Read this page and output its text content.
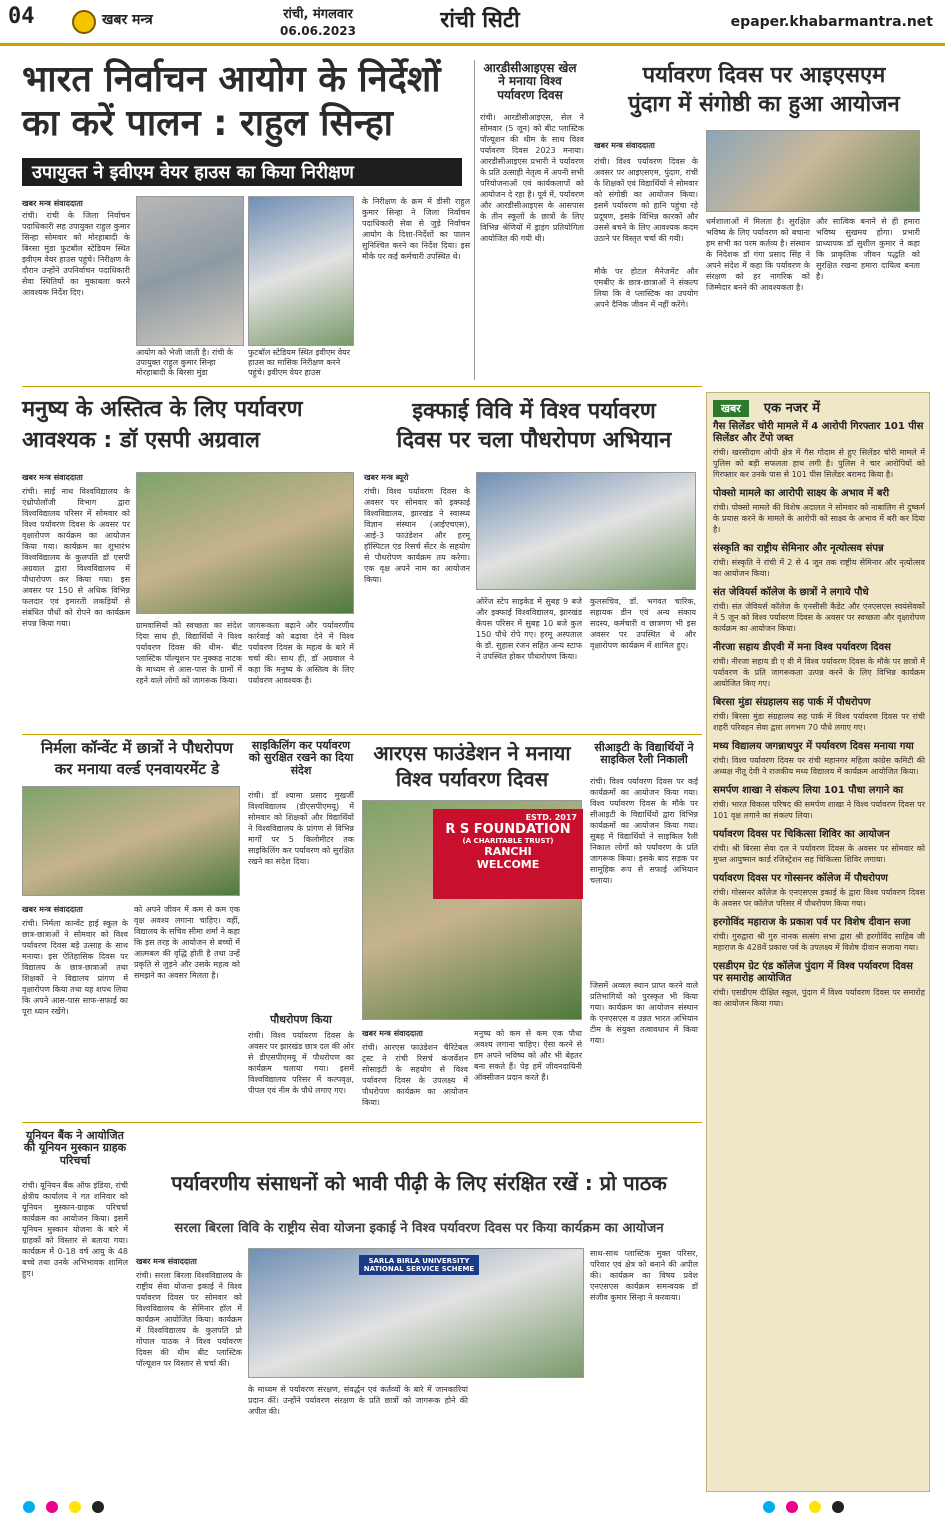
04	खबर मन्त्र	रांची, मंगलवार
06.06.2023	रांची सिटी	epaper.khabarmantra.net
भारत निर्वाचन आयोग के निर्देशों
का करें पालन : राहुल सिन्हा
उपायुक्त ने इवीएम वेयर हाउस का किया निरीक्षण
खबर मन्त्र संवाददाता
रांची। रांची के जिला निर्वाचन पदाधिकारी सह उपायुक्त राहुल कुमार सिन्हा सोमवार को मोरहाबादी के बिरसा मुंडा फुटबॉल स्टेडियम स्थित इवीएम वेयर हाउस पहुंचे। निरीक्षण के दौरान उन्होंने उपनिर्वाचन पदाधिकारी सेवा स्थितियों का मुकाबला करने आवश्यक निर्देश दिए।
आयोग को भेजी जाती है। रांची के उपायुक्त राहुल कुमार सिन्हा मोरहाबादी के बिरसा मुंडा
फुटबॉल स्टेडियम स्थित इवीएम वेयर हाउस का मासिक निरीक्षण करने पहुंचे। इवीएम वेयर हाउस
के निरीक्षण के क्रम में डीसी राहुल कुमार सिन्हा ने जिला निर्वाचन पदाधिकारी सेवा से जुड़े निर्वाचन आयोग के दिशा-निर्देशों का पालन सुनिश्चित करने का निर्देश दिया। इस मौके पर कई कर्मचारी उपस्थित थे।
आरडीसीआइएस खेल ने मनाया विश्व पर्यावरण दिवस
रांची। आरडीसीआइएस, सेल ने सोमवार (5 जून) को बीट प्लास्टिक पॉल्यूशन की थीम के साथ विश्व पर्यावरण दिवस 2023 मनाया। आरडीसीआइएस प्रभारी ने पर्यावरण के प्रति उत्साही नेतृत्व में अपनी सभी परियोजनाओं एवं कार्यकलापों को आयोजन दे रहा है। पूर्व में, पर्यावरण और आरडीसीआइएस के आसपास के तीन स्कूलों के छात्रों के लिए विभिन्न श्रेणियों में ड्राइंग प्रतियोगिता आयोजित की गयी थी।
पर्यावरण दिवस पर आइएसएम
पुंदाग में संगोष्ठी का हुआ आयोजन
खबर मन्त्र संवाददाता
रांची। विश्व पर्यावरण दिवस के अवसर पर आइएसएम, पुंदाग, रांची के शिक्षकों एवं विद्यार्थियों ने सोमवार को संगोष्ठी का आयोजन किया। इसमें पर्यावरण को हानि पहुंचा रहे प्रदूषण, इसके विभिन्न कारकों और उससे बचने के लिए आवश्यक कदम उठाने पर विस्तृत चर्चा की गयी।
मौके पर होटल मैनेजमेंट और एमबीए के छात्र-छात्राओं ने संकल्प लिया कि वे प्लास्टिक का उपयोग अपने दैनिक जीवन में नहीं करेंगे।
धर्मशालाओं में मिलता है। सुरक्षित भविष्य के लिए पर्यावरण को बचाना हम सभी का परम कर्तव्य है। संस्थान के निदेशक डॉ गंगा प्रसाद सिंह ने अपने संदेश में कहा कि पर्यावरण के संरक्षण को हर नागरिक को जिम्मेदार बनने की आवश्यकता है।
और सात्विक बनाने से ही हमारा भविष्य सुखमय होगा। प्रभारी प्राध्यापक डॉ सुशील कुमार ने कहा कि प्राकृतिक जीवन पद्धति को सुरक्षित रखना हमारा दायित्व बनता है।
मनुष्य के अस्तित्व के लिए पर्यावरण
आवश्यक : डॉ एसपी अग्रवाल
खबर मन्त्र संवाददाता
रांची। साईं नाथ विश्वविद्यालय के एंथ्रोपोलॉजी विभाग द्वारा विश्वविद्यालय परिसर में सोमवार को विश्व पर्यावरण दिवस के अवसर पर वृक्षारोपण कार्यक्रम का आयोजन किया गया। कार्यक्रम का शुभारंभ विश्वविद्यालय के कुलपति डॉ एसपी अग्रवाल द्वारा विश्वविद्यालय में पौधारोपण कर किया गया। इस अवसर पर 150 से अधिक विभिन्न फलदार एवं इमारती लकड़ियों से संबंधित पौधों को रोपने का कार्यक्रम संपन्न किया गया।	ग्रामवासियों को स्वच्छता का संदेश दिया साथ ही, विद्यार्थियों ने विश्व पर्यावरण दिवस की थीम- बीट प्लास्टिक पॉल्यूशन पर नुक्कड़ नाटक के माध्यम से आस-पास के ग्रामों में रहने वाले लोगों को जागरूक किया।
जागरूकता बढ़ाने और पर्यावरणीय कार्रवाई को बढ़ावा देने में विश्व पर्यावरण दिवस के महत्व के बारे में चर्चा की। साथ ही, डॉ अग्रवाल ने कहा कि मनुष्य के अस्तित्व के लिए पर्यावरण आवश्यक है।
इक्फाई विवि में विश्व पर्यावरण
दिवस पर चला पौधरोपण अभियान
खबर मन्त्र ब्यूरो
रांची। विश्व पर्यावरण दिवस के अवसर पर सोमवार को इक्फाई विश्वविद्यालय, झारखंड ने स्वास्थ्य विज्ञान संस्थान (आईएचएस), आई-3 फाउंडेशन और हरमू हॉस्पिटल एंड रिसर्च सेंटर के सहयोग से पौधरोपण कार्यक्रम तय करेगा। एक वृक्ष अपने नाम का आयोजन किया।
ओरेंज स्टेप साइकेड में सुबह 9 बजे और इक्फाई विश्वविद्यालय, झारखंड केंपस परिसर में सुबह 10 बजे कुल 150 पौधे रोपे गए। हरमू अस्पताल के डॉ. सुहास रंजन सहित अन्य स्टाफ ने उपस्थित होकर पौधारोपण किया।
कुलसचिव, डॉ. भगवत चारिक, सहायक डीन एवं अन्य संकाय सदस्य, कर्मचारी व छात्रगण भी इस अवसर पर उपस्थित थे और वृक्षारोपण कार्यक्रम में शामिल हुए।
खबर एक नजर में
गैस सिलेंडर चोरी मामले में 4 आरोपी गिरफ्तार 101 पीस सिलेंडर और टेंपो जब्त
रांची। खरसीदाग ओपी क्षेत्र में गैस गोदाम से हुए सिलेंडर चोरी मामले में पुलिस को बड़ी सफलता हाथ लगी है। पुलिस ने चार आरोपियों को गिरफ्तार कर उनके पास से 101 पीस सिलेंडर बरामद किया है।
पोक्सो मामले का आरोपी साक्ष्य के अभाव में बरी
रांची। पोक्सो मामले की विशेष अदालत ने सोमवार को नाबालिग से दुष्कर्म के प्रयास करने के मामले के आरोपी को साक्ष्य के अभाव में बरी कर दिया है।
संस्कृति का राष्ट्रीय सेमिनार और नृत्योत्सव संपन्न
रांची। संस्कृति ने रांची में 2 से 4 जून तक राष्ट्रीय सेमिनार और नृत्योत्सव का आयोजन किया।
संत जेवियर्स कॉलेज के छात्रों ने लगाये पौधे
रांची। संत जेवियर्स कॉलेज के एनसीसी कैडेट और एनएसएस स्वयंसेवकों ने 5 जून को विश्व पर्यावरण दिवस के अवसर पर स्वच्छता और वृक्षारोपण कार्यक्रम का आयोजन किया।
नीरजा सहाय डीएवी में मना विश्व पर्यावरण दिवस
रांची। नीरजा सहाय डी ए वी में विश्व पर्यावरण दिवस के मौके पर छात्रों में पर्यावरण के प्रति जागरूकता उत्पन्न करने के लिए विभिन्न कार्यक्रम आयोजित किए गए।
बिरसा मुंडा संग्रहालय सह पार्क में पौधरोपण
रांची। बिरसा मुंडा संग्रहालय सह पार्क में विश्व पर्यावरण दिवस पर रांची शहरी परिवहन सेवा द्वारा लगभग 70 पौधे लगाए गए।
मध्य विद्यालय जगन्नाथपुर में पर्यावरण दिवस मनाया गया
रांची। विश्व पर्यावरण दिवस पर रांची महानगर महिला कांग्रेस कमिटी की अध्यक्ष नीतू देवी ने राजकीय मध्य विद्यालय में कार्यक्रम आयोजित किया।
समर्पण शाखा ने संकल्प लिया 101 पौधा लगाने का
रांची। भारत विकास परिषद की समर्पण शाखा ने विश्व पर्यावरण दिवस पर 101 वृक्ष लगाने का संकल्प लिया।
पर्यावरण दिवस पर चिकित्सा शिविर का आयोजन
रांची। श्री बिरसा सेवा दल ने पर्यावरण दिवस के अवसर पर सोमवार को मुफ्त आयुष्मान कार्ड रजिस्ट्रेशन सह चिकित्सा शिविर लगाया।
पर्यावरण दिवस पर गोस्सनर कॉलेज में पौधरोपण
रांची। गोस्सनर कॉलेज के एनएसएस इकाई के द्वारा विश्व पर्यावरण दिवस के अवसर पर कॉलेज परिसर में पौधरोपण किया गया।
हरगोविंद महाराज के प्रकाश पर्व पर विशेष दीवान सजा
रांची। गुरुद्वारा श्री गुरु नानक सत्संग सभा द्वारा श्री हरगोविंद साहिब जी महाराज के 428वें प्रकाश पर्व के उपलक्ष्य में विशेष दीवान सजाया गया।
एसडीएम ग्रेट एंड कॉलेज पुंदाग में विश्व पर्यावरण दिवस पर समारोह आयोजित
रांची। एसडीएम दीक्षित स्कूल, पुंदाग में विश्व पर्यावरण दिवस पर समारोह का आयोजन किया गया।
निर्मला कॉन्वेंट में छात्रों ने पौधरोपण
कर मनाया वर्ल्ड एनवायरमेंट डे
खबर मन्त्र संवाददाता
रांची। निर्मला कान्वेंट हाई स्कूल के छात्र-छात्राओं ने सोमवार को विश्व पर्यावरण दिवस बड़े उत्साह के साथ मनाया। इस ऐतिहासिक दिवस पर विद्यालय के छात्र-छात्राओं तथा शिक्षकों ने विद्यालय प्रांगण में वृक्षारोपण किया तथा यह शपथ लिया कि अपने आस-पास साफ-सफाई का पूरा ध्यान रखेंगे।
को अपने जीवन में कम से कम एक वृक्ष अवश्य लगाना चाहिए। वहीं, विद्यालय के सचिव सीमा शर्मा ने कहा कि इस तरह के आयोजन से बच्चों में आत्मबल की वृद्धि होती है तथा उन्हें प्रकृति से जुड़ने और उसके महत्व को समझने का अवसर मिलता है।
साइकिलिंग कर पर्यावरण को सुरक्षित रखने का दिया संदेश
रांची। डॉ श्यामा प्रसाद मुखर्जी विश्वविद्यालय (डीएसपीएमयू) में सोमवार को शिक्षकों और विद्यार्थियों ने विश्वविद्यालय के प्रांगण से विभिन्न मार्गों पर 5 किलोमीटर तक साइकिलिंग कर पर्यावरण को सुरक्षित रखने का संदेश दिया।
पौधरोपण किया
रांची। विश्व पर्यावरण दिवस के अवसर पर झारखंड छात्र दल की ओर से डीएसपीएमयू में पौधरोपण का कार्यक्रम चलाया गया। इसमें विश्वविद्यालय परिसर में कल्पवृक्ष, पीपल एवं नीम के पौधे लगाए गए।
आरएस फाउंडेशन ने मनाया
विश्व पर्यावरण दिवस
ESTD. 2017
R S FOUNDATION
(A CHARITABLE TRUST)
RANCHI
WELCOME
खबर मन्त्र संवाददाता
रांची। आरएस फाउंडेशन चैरिटेबल ट्रस्ट ने रांची रिसर्च कंजर्वेशन सोसाइटी के सहयोग से विश्व पर्यावरण दिवस के उपलक्ष्य में पौधरोपण कार्यक्रम का आयोजन किया।
मनुष्य को कम से कम एक पौधा अवश्य लगाना चाहिए। ऐसा करने से हम अपने भविष्य को और भी बेहतर बना सकते हैं। पेड़ हमें जीवनदायिनी ऑक्सीजन प्रदान करते हैं।
सीआइटी के विद्यार्थियों ने साइकिल रैली निकाली
रांची। विश्व पर्यावरण दिवस पर कई कार्यक्रमों का आयोजन किया गया। विश्व पर्यावरण दिवस के मौके पर सीआइटी के विद्यार्थियों द्वारा विभिन्न कार्यक्रमों का आयोजन किया गया। सुबह में विद्यार्थियों ने साइकिल रैली निकाल लोगों को पर्यावरण के प्रति जागरूक किया। इसके बाद सड़क पर सामूहिक रूप से सफाई अभियान चलाया।
जिसमें अव्वल स्थान प्राप्त करने वाले प्रतिभागियों को पुरस्कृत भी किया गया। कार्यक्रम का आयोजन संस्थान के एनएसएस व उन्नत भारत अभियान टीम के संयुक्त तत्वावधान में किया गया।
यूनियन बैंक ने आयोजित की यूनियन मुस्कान ग्राहक परिचर्चा
रांची। यूनियन बैंक ऑफ इंडिया, रांची क्षेत्रीय कार्यालय ने गत शनिवार को यूनियन मुस्कान-ग्राहक परिचर्चा कार्यक्रम का आयोजन किया। इसमें यूनियन मुस्कान योजना के बारे में ग्राहकों को विस्तार से बताया गया। कार्यक्रम में 0-18 वर्ष आयु के 48 बच्चे तथा उनके अभिभावक शामिल हुए।
पर्यावरणीय संसाधनों को भावी पीढ़ी के लिए संरक्षित रखें : प्रो पाठक
सरला बिरला विवि के राष्ट्रीय सेवा योजना इकाई ने विश्व पर्यावरण दिवस पर किया कार्यक्रम का आयोजन
खबर मन्त्र संवाददाता
रांची। सरला बिरला विश्वविद्यालय के राष्ट्रीय सेवा योजना इकाई ने विश्व पर्यावरण दिवस पर सोमवार को विश्वविद्यालय के सेमिनार हॉल में कार्यक्रम आयोजित किया। कार्यक्रम में विश्वविद्यालय के कुलपति प्रो गोपाल पाठक ने विश्व पर्यावरण दिवस की थीम बीट प्लास्टिक पॉल्यूशन पर विस्तार से चर्चा की।
SARLA BIRLA UNIVERSITY
NATIONAL SERVICE SCHEME
के माध्यम से पर्यावरण संरक्षण, संवर्द्धन एवं कर्तव्यों के बारे में जानकारियां प्रदान कीं। उन्होंने पर्यावरण संरक्षण के प्रति छात्रों को जागरूक होने की अपील की।
साथ-साथ प्लास्टिक मुक्त परिसर, परिवार एवं क्षेत्र को बनाने की अपील की। कार्यक्रम का विषय प्रवेश एनएसएस कार्यक्रम समन्वयक डॉ संजीव कुमार सिन्हा ने करवाया।
